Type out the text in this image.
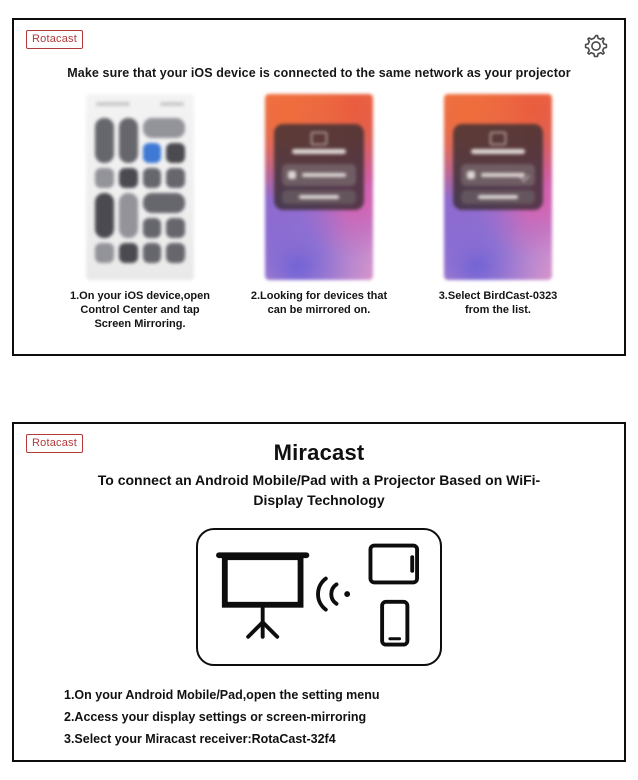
Rotacast
Make sure that your iOS device is connected to the same network as your projector
1.On your iOS device,open Control Center and tap Screen Mirroring.
2.Looking for devices that can be mirrored on.
3.Select BirdCast-0323 from the list.
Rotacast	Miracast
To connect an Android Mobile/Pad with a Projector Based on WiFi-Display Technology
1.On your Android Mobile/Pad,open the setting menu
2.Access your display settings or screen-mirroring
3.Select your Miracast receiver:RotaCast-32f4
